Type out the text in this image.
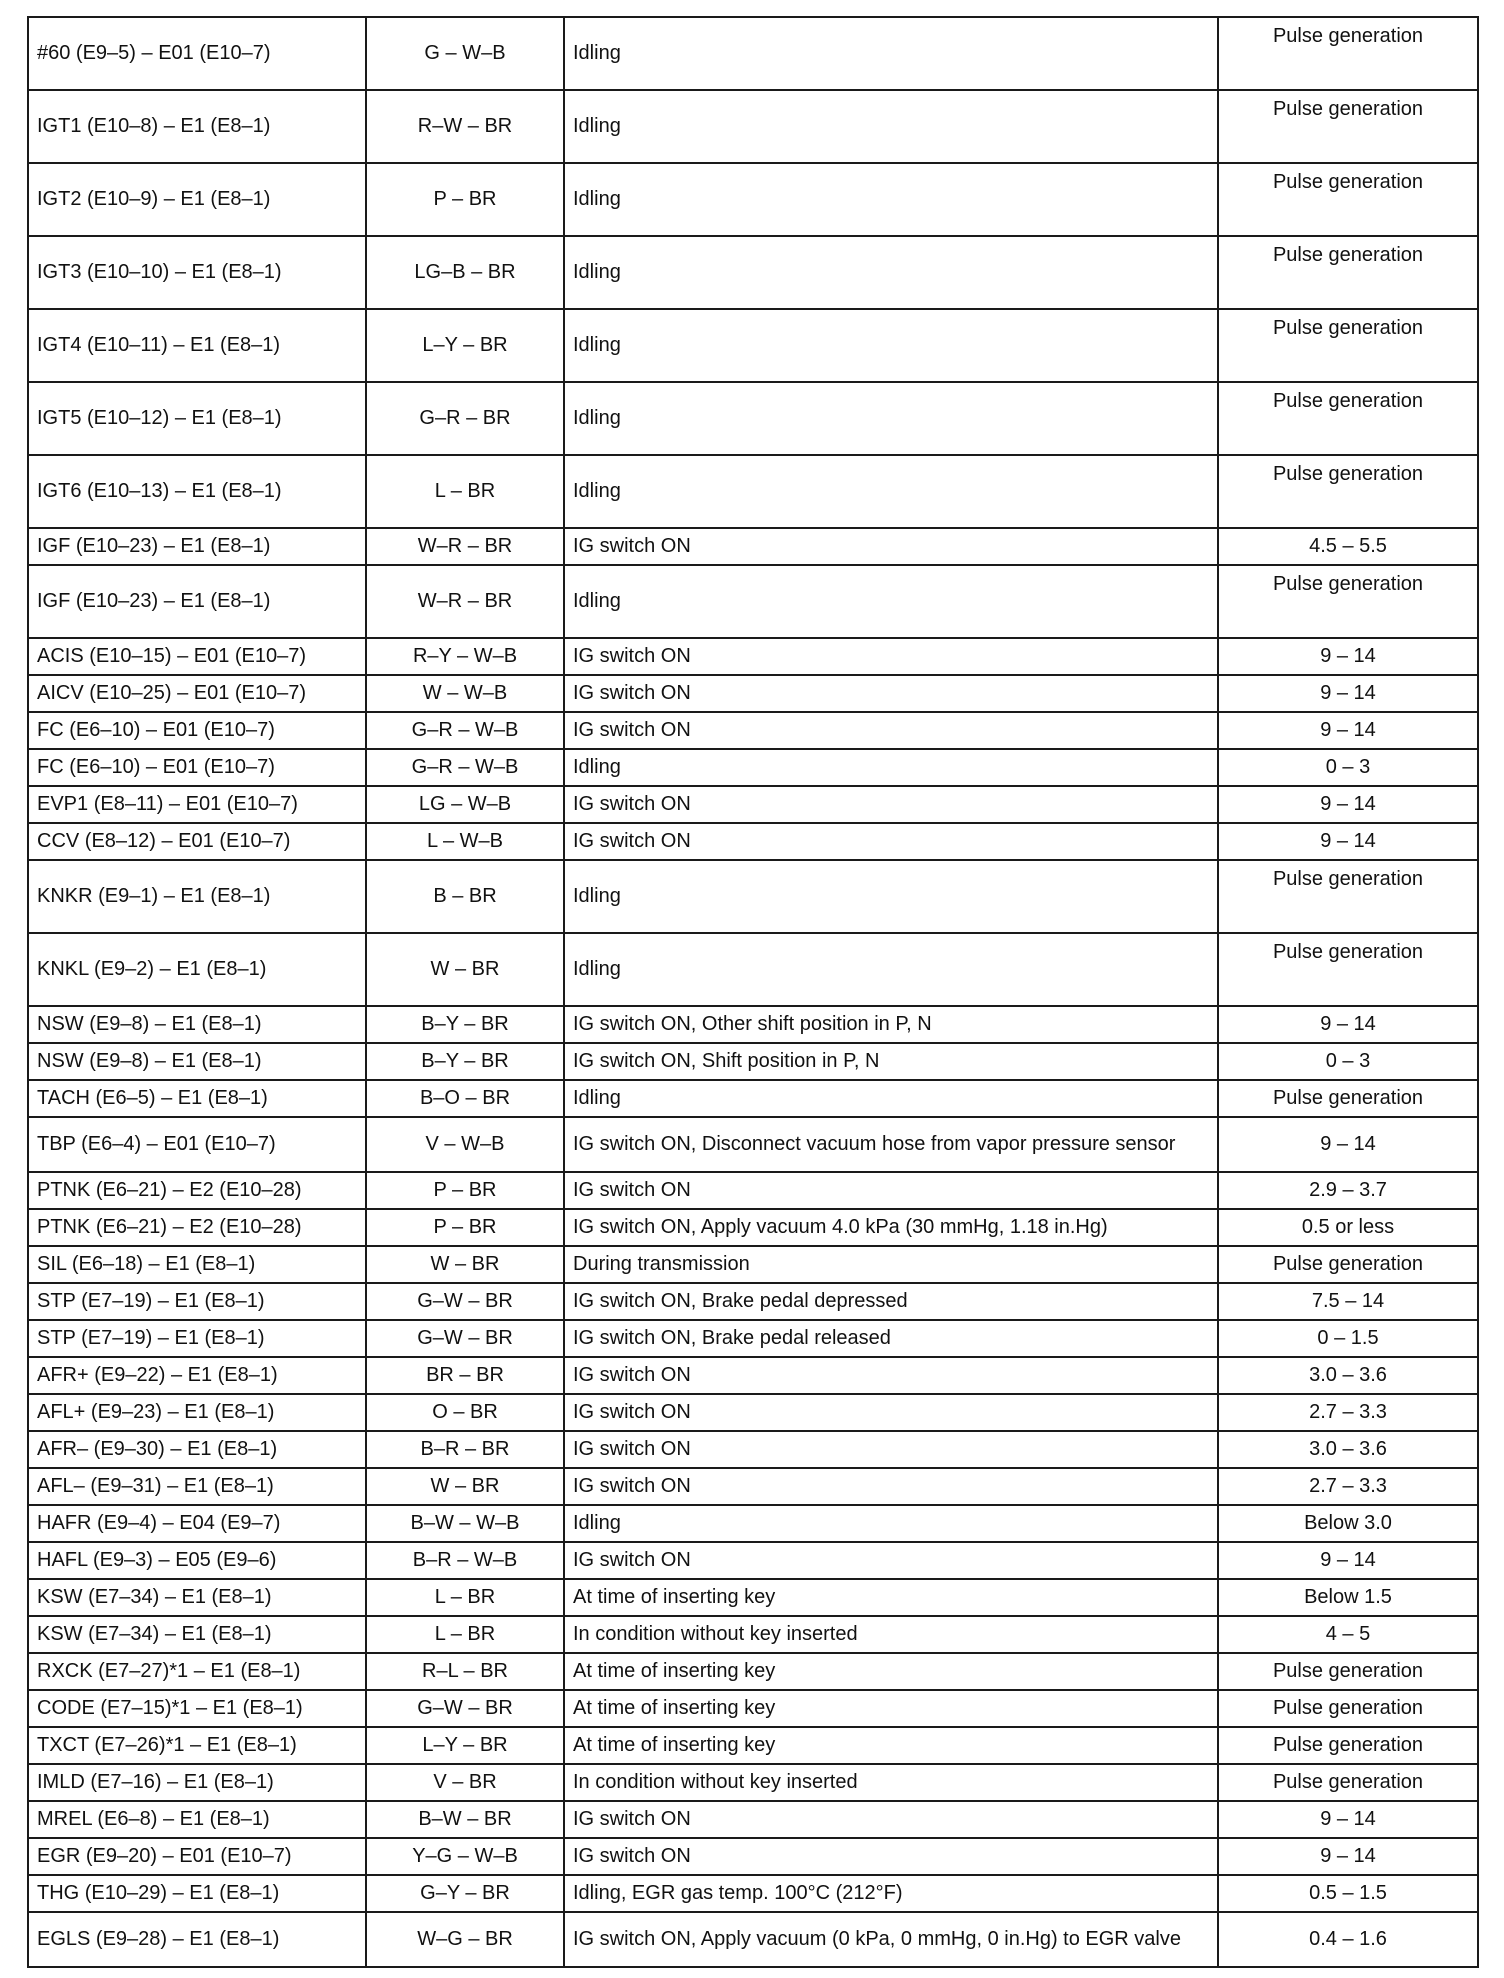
#60 (E9–5) – E01 (E10–7)	G – W–B	Idling	Pulse generation
IGT1 (E10–8) – E1 (E8–1)	R–W – BR	Idling	Pulse generation
IGT2 (E10–9) – E1 (E8–1)	P – BR	Idling	Pulse generation
IGT3 (E10–10) – E1 (E8–1)	LG–B – BR	Idling	Pulse generation
IGT4 (E10–11) – E1 (E8–1)	L–Y – BR	Idling	Pulse generation
IGT5 (E10–12) – E1 (E8–1)	G–R – BR	Idling	Pulse generation
IGT6 (E10–13) – E1 (E8–1)	L – BR	Idling	Pulse generation
IGF (E10–23) – E1 (E8–1)	W–R – BR	IG switch ON	4.5 – 5.5
IGF (E10–23) – E1 (E8–1)	W–R – BR	Idling	Pulse generation
ACIS (E10–15) – E01 (E10–7)	R–Y – W–B	IG switch ON	9 – 14
AICV (E10–25) – E01 (E10–7)	W – W–B	IG switch ON	9 – 14
FC (E6–10) – E01 (E10–7)	G–R – W–B	IG switch ON	9 – 14
FC (E6–10) – E01 (E10–7)	G–R – W–B	Idling	0 – 3
EVP1 (E8–11) – E01 (E10–7)	LG – W–B	IG switch ON	9 – 14
CCV (E8–12) – E01 (E10–7)	L – W–B	IG switch ON	9 – 14
KNKR (E9–1) – E1 (E8–1)	B – BR	Idling	Pulse generation
KNKL (E9–2) – E1 (E8–1)	W – BR	Idling	Pulse generation
NSW (E9–8) – E1 (E8–1)	B–Y – BR	IG switch ON, Other shift position in P, N	9 – 14
NSW (E9–8) – E1 (E8–1)	B–Y – BR	IG switch ON, Shift position in P, N	0 – 3
TACH (E6–5) – E1 (E8–1)	B–O – BR	Idling	Pulse generation
TBP (E6–4) – E01 (E10–7)	V – W–B	IG switch ON, Disconnect vacuum hose from vapor pressure sensor	9 – 14
PTNK (E6–21) – E2 (E10–28)	P – BR	IG switch ON	2.9 – 3.7
PTNK (E6–21) – E2 (E10–28)	P – BR	IG switch ON, Apply vacuum 4.0 kPa (30 mmHg, 1.18 in.Hg)	0.5 or less
SIL (E6–18) – E1 (E8–1)	W – BR	During transmission	Pulse generation
STP (E7–19) – E1 (E8–1)	G–W – BR	IG switch ON, Brake pedal depressed	7.5 – 14
STP (E7–19) – E1 (E8–1)	G–W – BR	IG switch ON, Brake pedal released	0 – 1.5
AFR+ (E9–22) – E1 (E8–1)	BR – BR	IG switch ON	3.0 – 3.6
AFL+ (E9–23) – E1 (E8–1)	O – BR	IG switch ON	2.7 – 3.3
AFR– (E9–30) – E1 (E8–1)	B–R – BR	IG switch ON	3.0 – 3.6
AFL– (E9–31) – E1 (E8–1)	W – BR	IG switch ON	2.7 – 3.3
HAFR (E9–4) – E04 (E9–7)	B–W – W–B	Idling	Below 3.0
HAFL (E9–3) – E05 (E9–6)	B–R – W–B	IG switch ON	9 – 14
KSW (E7–34) – E1 (E8–1)	L – BR	At time of inserting key	Below 1.5
KSW (E7–34) – E1 (E8–1)	L – BR	In condition without key inserted	4 – 5
RXCK (E7–27)*1 – E1 (E8–1)	R–L – BR	At time of inserting key	Pulse generation
CODE (E7–15)*1 – E1 (E8–1)	G–W – BR	At time of inserting key	Pulse generation
TXCT (E7–26)*1 – E1 (E8–1)	L–Y – BR	At time of inserting key	Pulse generation
IMLD (E7–16) – E1 (E8–1)	V – BR	In condition without key inserted	Pulse generation
MREL (E6–8) – E1 (E8–1)	B–W – BR	IG switch ON	9 – 14
EGR (E9–20) – E01 (E10–7)	Y–G – W–B	IG switch ON	9 – 14
THG (E10–29) – E1 (E8–1)	G–Y – BR	Idling, EGR gas temp. 100°C (212°F)	0.5 – 1.5
EGLS (E9–28) – E1 (E8–1)	W–G – BR	IG switch ON, Apply vacuum (0 kPa, 0 mmHg, 0 in.Hg) to EGR valve	0.4 – 1.6
